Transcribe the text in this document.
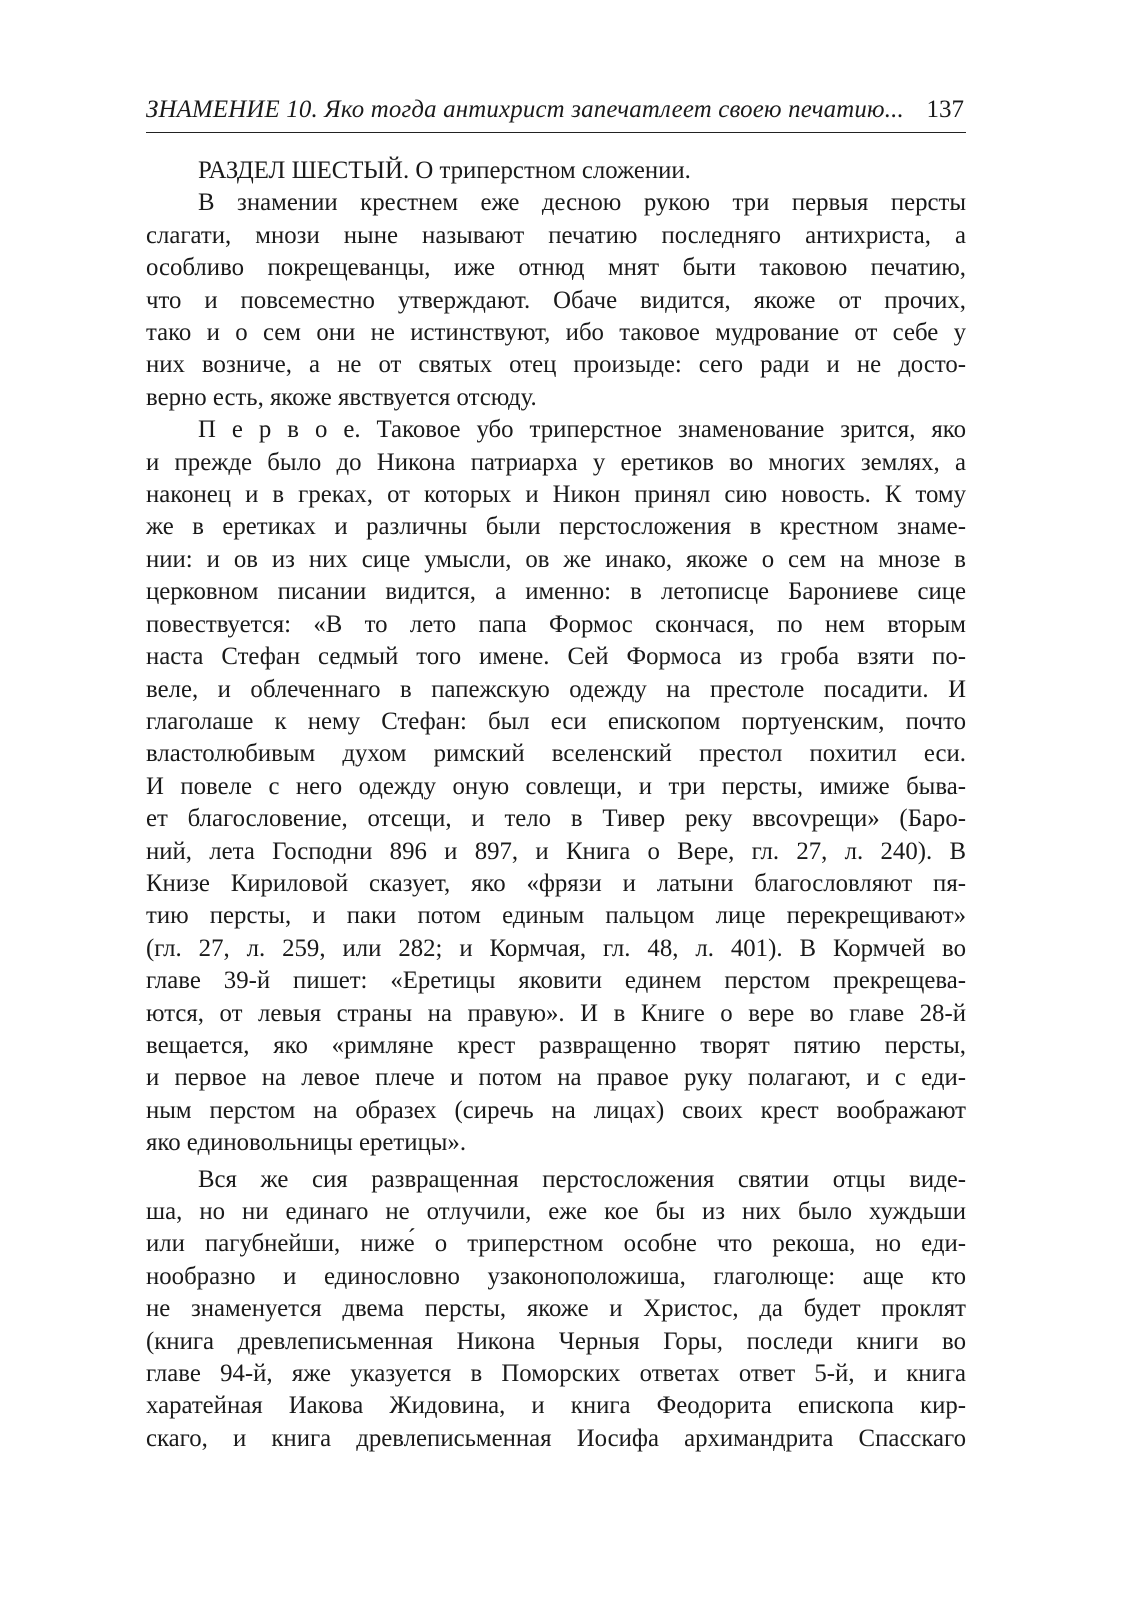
ЗНАМЕНИЕ 10. Яко тогда антихрист запечатлеет своею печатию... 137
РАЗДЕЛ ШЕСТЫЙ. О триперстном сложении.
В знамении крестнем еже десною рукою три первыя персты
слагати, мнози ныне называют печатию последняго антихриста, а
особливо покрещеванцы, иже отнюд мнят быти таковою печатию,
что и повсеместно утверждают. Обаче видится, якоже от прочих,
тако и о сем они не истинствуют, ибо таковое мудрование от себе у
них возниче, а не от святых отец произыде: сего ради и не досто-
верно есть, якоже явствуется отсюду.
П е р в о е. Таковое убо триперстное знаменование зрится, яко
и прежде было до Никона патриарха у еретиков во многих землях, а
наконец и в греках, от которых и Никон принял сию новость. К тому
же в еретиках и различны были перстосложения в крестном знаме-
нии: и ов из них сице умысли, ов же инако, якоже о сем на мнозе в
церковном писании видится, а именно: в летописце Барониеве сице
повествуется: «В то лето папа Формос скончася, по нем вторым
наста Стефан седмый того имене. Сей Формоса из гроба взяти по-
веле, и облеченнаго в папежскую одежду на престоле посадити. И
глаголаше к нему Стефан: был еси епископом портуенским, почто
властолюбивым духом римский вселенский престол похитил еси.
И повеле с него одежду оную совлещи, и три персты, имиже быва-
ет благословение, отсещи, и тело в Тивер реку ввcovрещи» (Баро-
ний, лета Господни 896 и 897, и Книга о Вере, гл. 27, л. 240). В
Книзе Кириловой сказует, яко «фрязи и латыни благословляют пя-
тию персты, и паки потом единым пальцом лице перекрещивают»
(гл. 27, л. 259, или 282; и Кормчая, гл. 48, л. 401). В Кормчей во
главе 39-й пишет: «Еретицы яковити единем перстом прекрещева-
ются, от левыя страны на правую». И в Книге о вере во главе 28-й
вещается, яко «римляне крест развращенно творят пятию персты,
и первое на левое плече и потом на правое руку полагают, и с еди-
ным перстом на образех (сиречь на лицах) своих крест воображают
яко единовольницы еретицы».
Вся же сия развращенная перстосложения святии отцы виде-
ша, но ни единаго не отлучили, еже кое бы из них было хуждьши
или пагубнейши, ниже́ о триперстном особне что рекоша, но еди-
нообразно и единословно узаконоположиша, глаголюще: аще кто
не знаменуется двема персты, якоже и Христос, да будет проклят
(книга древлеписьменная Никона Черныя Горы, последи книги во
главе 94-й, яже указуется в Поморских ответах ответ 5-й, и книга
харатейная Иакова Жидовина, и книга Феодорита епископа кир-
скаго, и книга древлеписьменная Иосифа архимандрита Спасскаго
